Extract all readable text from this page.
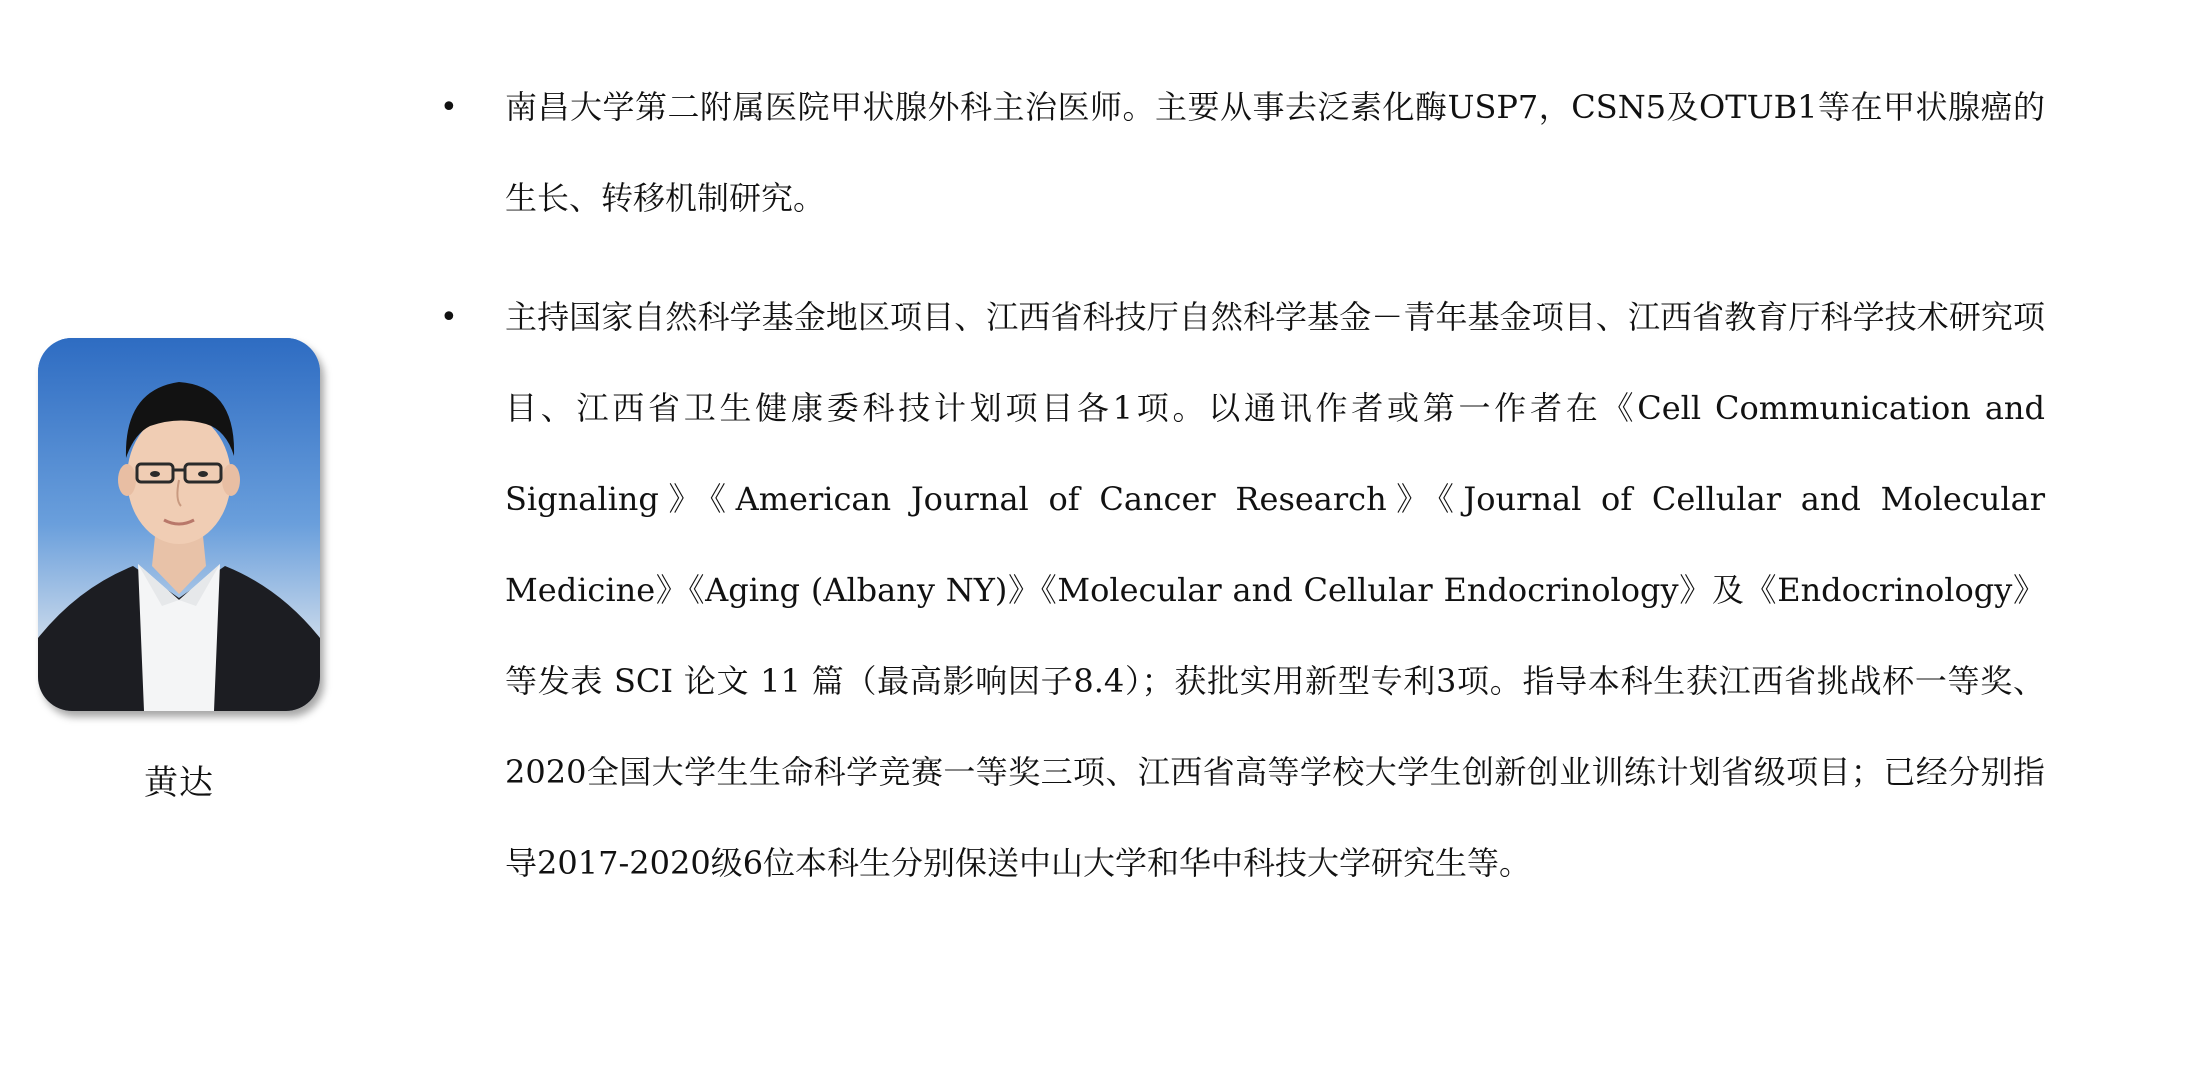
黄达
• 南昌大学第二附属医院甲状腺外科主治医师。主要从事去泛素化酶USP7，CSN5及OTUB1等在甲状腺癌的生长、转移机制研究。
• 主持国家自然科学基金地区项目、江西省科技厅自然科学基金－青年基金项目、江西省教育厅科学技术研究项目、江西省卫生健康委科技计划项目各1项。以通讯作者或第一作者在《Cell Communication and Signaling》《American Journal of Cancer Research》《Journal of Cellular and Molecular Medicine》《Aging (Albany NY)》《Molecular and Cellular Endocrinology》及《Endocrinology》等发表 SCI 论文 11 篇（最高影响因子8.4）；获批实用新型专利3项。指导本科生获江西省挑战杯一等奖、2020全国大学生生命科学竞赛一等奖三项、江西省高等学校大学生创新创业训练计划省级项目；已经分别指导2017-2020级6位本科生分别保送中山大学和华中科技大学研究生等。
